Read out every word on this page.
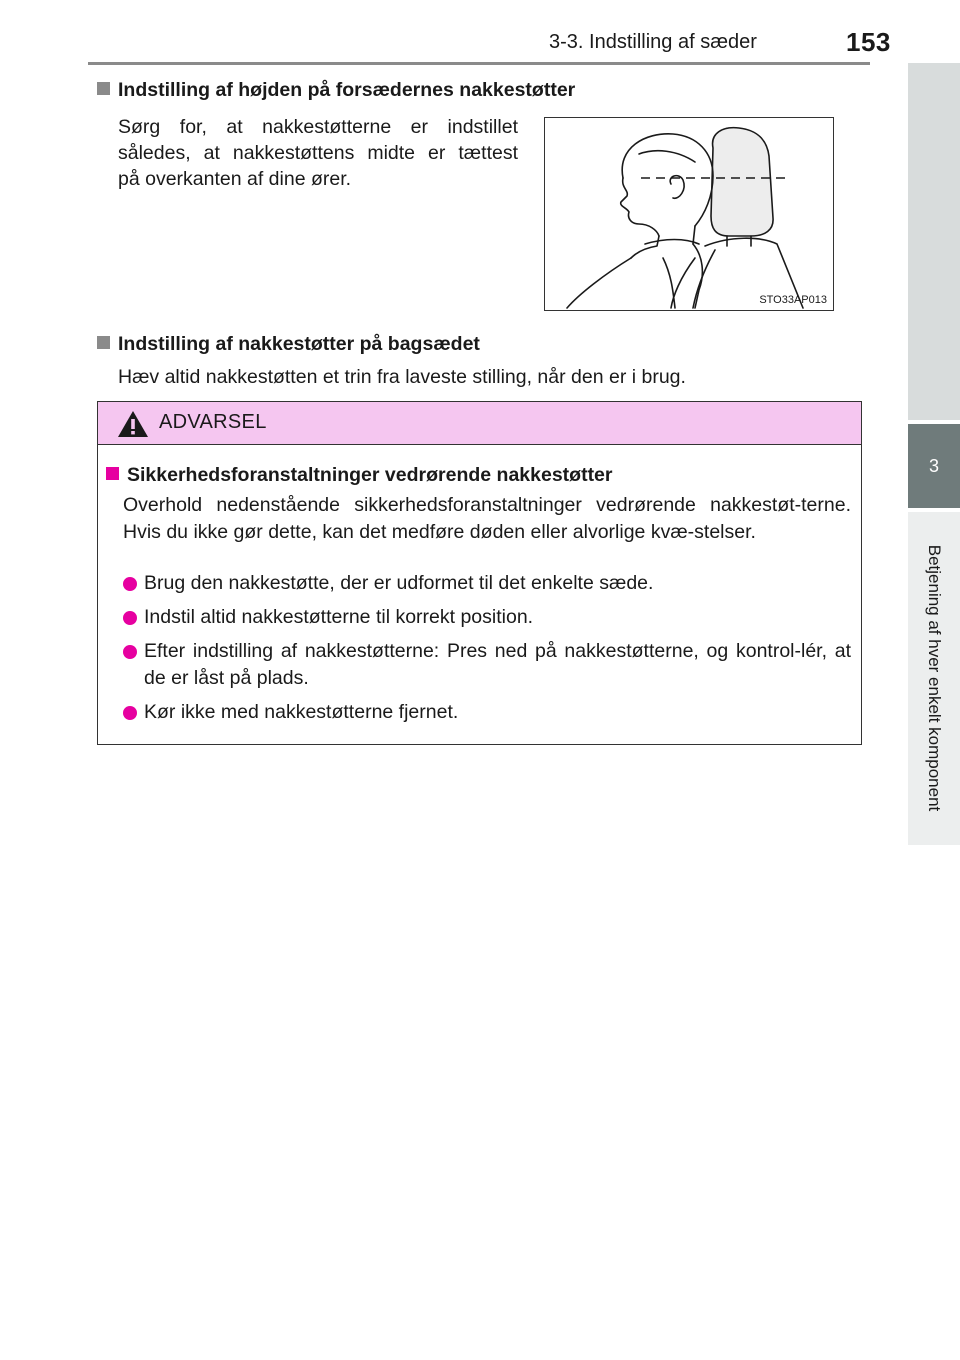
3-3. Indstilling af sæder	153
3
Betjening af hver enkelt komponent
Indstilling af højden på forsædernes nakkestøtter
Sørg for, at nakkestøtterne er indstillet
således, at nakkestøttens midte er tættest
på overkanten af dine ører.
STO33AP013
Indstilling af nakkestøtter på bagsædet
Hæv altid nakkestøtten et trin fra laveste stilling, når den er i brug.
ADVARSEL
Sikkerhedsforanstaltninger vedrørende nakkestøtter
Overhold nedenstående sikkerhedsforanstaltninger vedrørende nakkestøt-terne. Hvis du ikke gør dette, kan det medføre døden eller alvorlige kvæ-stelser.
Brug den nakkestøtte, der er udformet til det enkelte sæde.
Indstil altid nakkestøtterne til korrekt position.
Efter indstilling af nakkestøtterne: Pres ned på nakkestøtterne, og kontrol-lér, at de er låst på plads.
Kør ikke med nakkestøtterne fjernet.
